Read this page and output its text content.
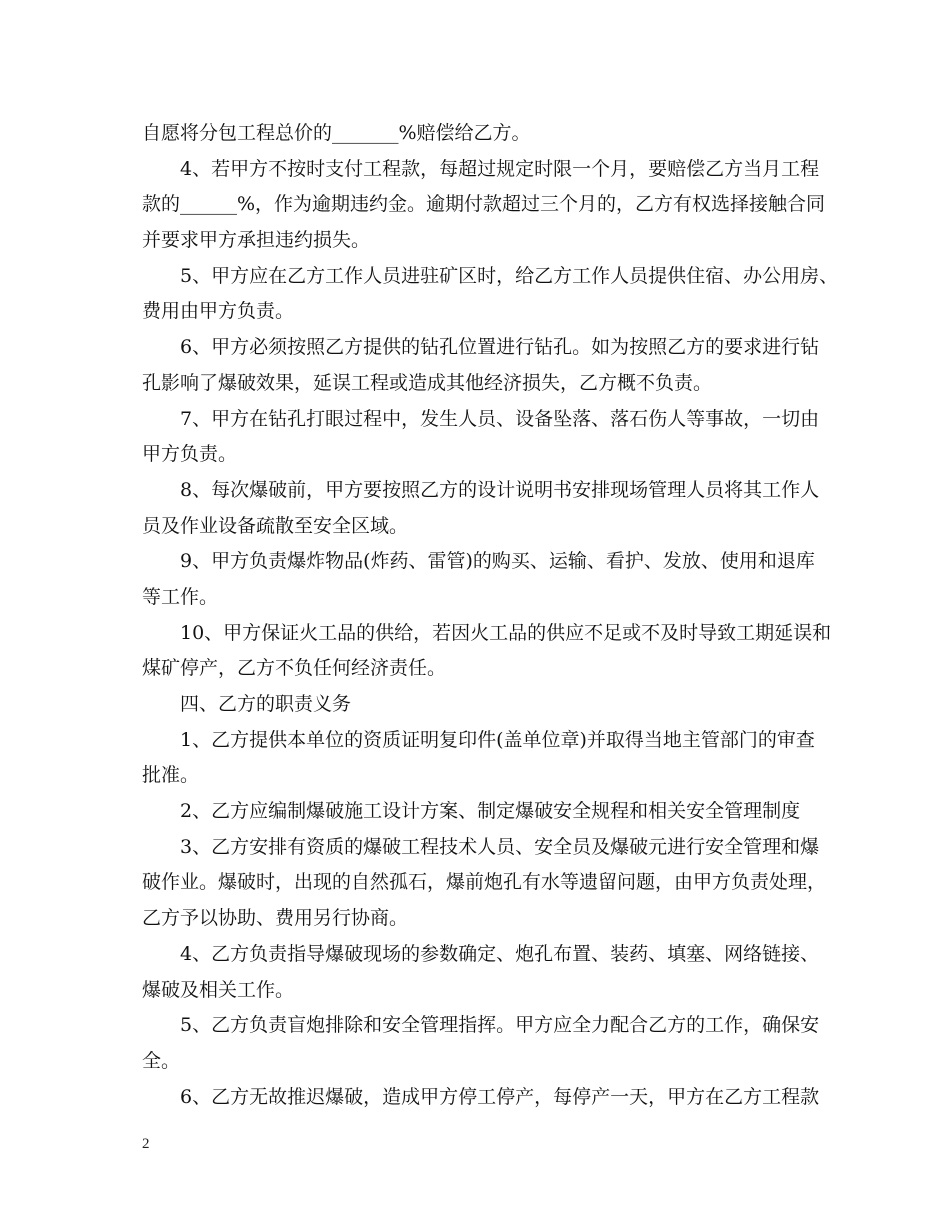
自愿将分包工程总价的_______%赔偿给乙方。
4、若甲方不按时支付工程款，每超过规定时限一个月，要赔偿乙方当月工程
款的______%，作为逾期违约金。逾期付款超过三个月的，乙方有权选择接触合同
并要求甲方承担违约损失。
5、甲方应在乙方工作人员进驻矿区时，给乙方工作人员提供住宿、办公用房、
费用由甲方负责。
6、甲方必须按照乙方提供的钻孔位置进行钻孔。如为按照乙方的要求进行钻
孔影响了爆破效果，延误工程或造成其他经济损失，乙方概不负责。
7、甲方在钻孔打眼过程中，发生人员、设备坠落、落石伤人等事故，一切由
甲方负责。
8、每次爆破前，甲方要按照乙方的设计说明书安排现场管理人员将其工作人
员及作业设备疏散至安全区域。
9、甲方负责爆炸物品(炸药、雷管)的购买、运输、看护、发放、使用和退库
等工作。
10、甲方保证火工品的供给，若因火工品的供应不足或不及时导致工期延误和
煤矿停产，乙方不负任何经济责任。
四、乙方的职责义务
1、乙方提供本单位的资质证明复印件(盖单位章)并取得当地主管部门的审查
批准。
2、乙方应编制爆破施工设计方案、制定爆破安全规程和相关安全管理制度
3、乙方安排有资质的爆破工程技术人员、安全员及爆破元进行安全管理和爆
破作业。爆破时，出现的自然孤石，爆前炮孔有水等遗留问题，由甲方负责处理，
乙方予以协助、费用另行协商。
4、乙方负责指导爆破现场的参数确定、炮孔布置、装药、填塞、网络链接、
爆破及相关工作。
5、乙方负责盲炮排除和安全管理指挥。甲方应全力配合乙方的工作，确保安
全。
6、乙方无故推迟爆破，造成甲方停工停产，每停产一天，甲方在乙方工程款
2
